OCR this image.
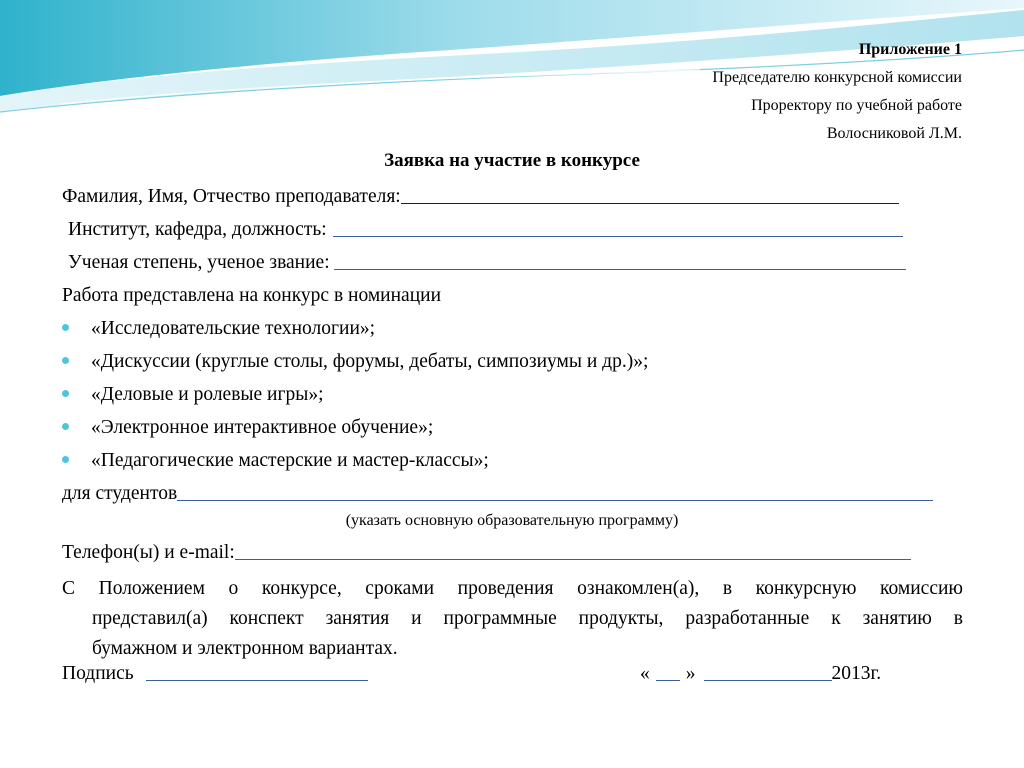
Приложение 1
Председателю конкурсной комиссии
Проректору по учебной работе
Волосниковой Л.М.
Заявка на участие в конкурсе
Фамилия, Имя, Отчество преподавателя:
Институт, кафедра, должность:
Ученая степень, ученое звание:
Работа представлена на конкурс в номинации
«Исследовательские технологии»;
«Дискуссии (круглые столы, форумы, дебаты, симпозиумы и др.)»;
«Деловые и ролевые игры»;
«Электронное интерактивное обучение»;
«Педагогические мастерские и мастер-классы»;
для студентов
(указать основную образовательную программу)
Телефон(ы) и e-mail:
С Положением о конкурсе, сроками проведения ознакомлен(а), в конкурсную комиссию
представил(а) конспект занятия и программные продукты, разработанные к занятию в
бумажном и электронном вариантах.
Подпись	« »	2013г.
